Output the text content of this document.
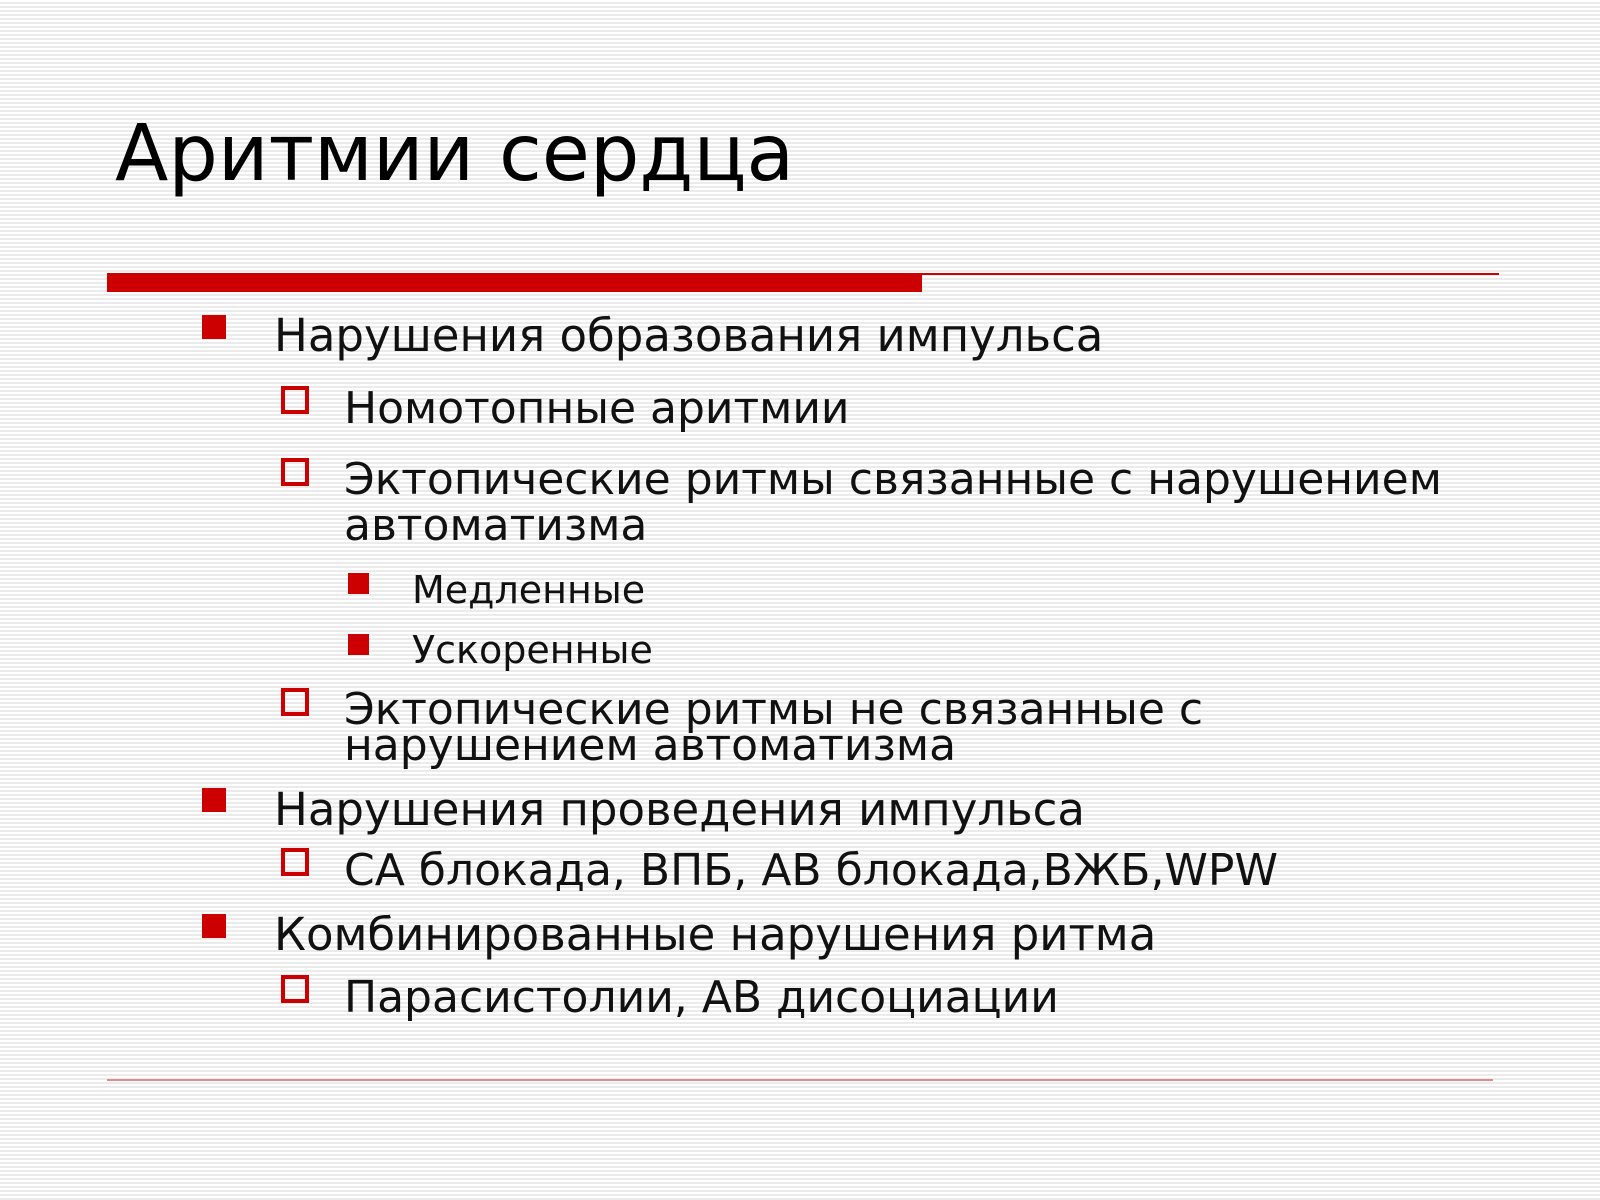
Аритмии сердца
Нарушения образования импульса
Номотопные аритмии
Эктопические ритмы связанные с нарушением
автоматизма
Медленные
Ускоренные
Эктопические ритмы не связанные с
нарушением автоматизма
Нарушения проведения импульса
СА блокада, ВПБ, АВ блокада,ВЖБ,WPW
Комбинированные нарушения ритма
Парасистолии, АВ дисоциации
